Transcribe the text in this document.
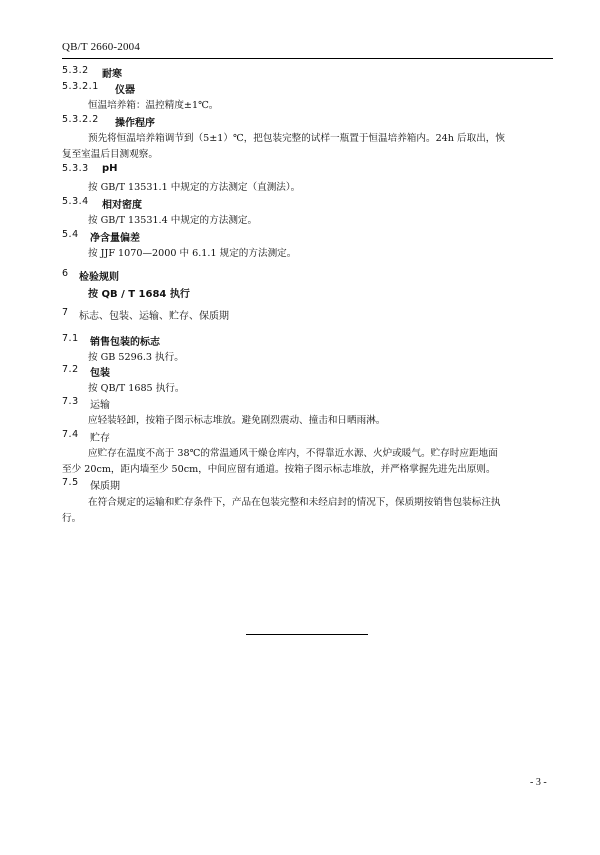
QB/T 2660-2004
5.3.2 耐寒
5.3.2.1 仪器
恒温培养箱：温控精度±1℃。
5.3.2.2 操作程序
预先将恒温培养箱调节到（5±1）℃，把包装完整的试样一瓶置于恒温培养箱内。24h 后取出，恢
复至室温后目测观察。
5.3.3 pH
按 GB/T 13531.1 中规定的方法测定（直测法）。
5.3.4 相对密度
按 GB/T 13531.4 中规定的方法测定。
5.4 净含量偏差
按 JJF 1070—2000 中 6.1.1 规定的方法测定。
6 检验规则
按 QB / T 1684 执行
7 标志、包装、运输、贮存、保质期
7.1 销售包装的标志
按 GB 5296.3 执行。
7.2 包装
按 QB/T 1685 执行。
7.3 运输
应轻装轻卸，按箱子图示标志堆放。避免剧烈震动、撞击和日晒雨淋。
7.4 贮存
应贮存在温度不高于 38℃的常温通风干燥仓库内，不得靠近水源、火炉或暖气。贮存时应距地面
至少 20cm，距内墙至少 50cm，中间应留有通道。按箱子图示标志堆放，并严格掌握先进先出原则。
7.5 保质期
在符合规定的运输和贮存条件下，产品在包装完整和未经启封的情况下，保质期按销售包装标注执
行。
- 3 -
